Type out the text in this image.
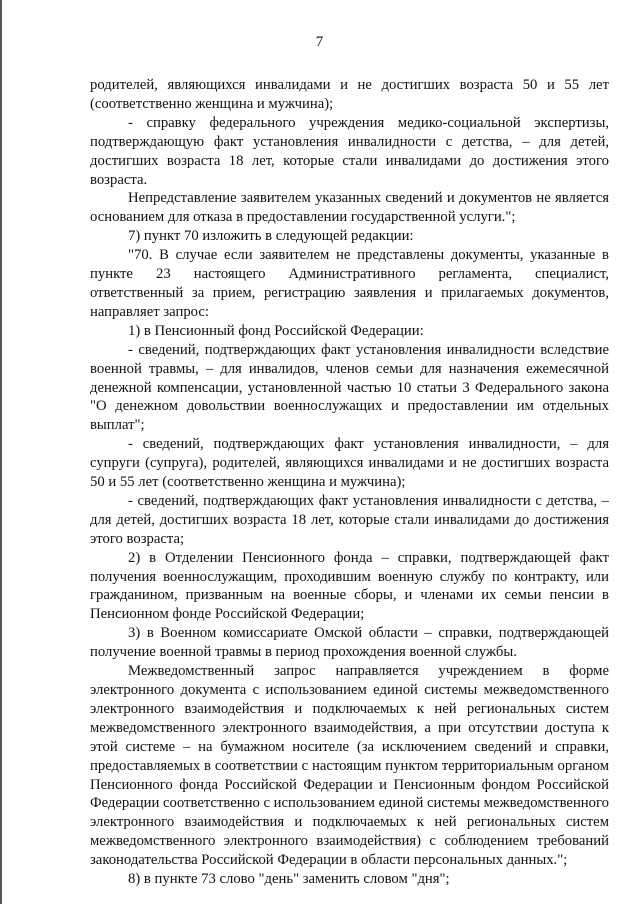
7

родителей, являющихся инвалидами и не достигших возраста 50 и 55 лет (соответственно женщина и мужчина);

- справку федерального учреждения медико-социальной экспертизы, подтверждающую факт установления инвалидности с детства, – для детей, достигших возраста 18 лет, которые стали инвалидами до достижения этого возраста.

Непредставление заявителем указанных сведений и документов не является основанием для отказа в предоставлении государственной услуги.";

7) пункт 70 изложить в следующей редакции:

"70. В случае если заявителем не представлены документы, указанные в пункте 23 настоящего Административного регламента, специалист, ответственный за прием, регистрацию заявления и прилагаемых документов, направляет запрос:

1) в Пенсионный фонд Российской Федерации:

- сведений, подтверждающих факт установления инвалидности вследствие военной травмы, – для инвалидов, членов семьи для назначения ежемесячной денежной компенсации, установленной частью 10 статьи 3 Федерального закона "О денежном довольствии военнослужащих и предоставлении им отдельных выплат";

- сведений, подтверждающих факт установления инвалидности, – для супруги (супруга), родителей, являющихся инвалидами и не достигших возраста 50 и 55 лет (соответственно женщина и мужчина);

- сведений, подтверждающих факт установления инвалидности с детства, – для детей, достигших возраста 18 лет, которые стали инвалидами до достижения этого возраста;

2) в Отделении Пенсионного фонда – справки, подтверждающей факт получения военнослужащим, проходившим военную службу по контракту, или гражданином, призванным на военные сборы, и членами их семьи пенсии в Пенсионном фонде Российской Федерации;

3) в Военном комиссариате Омской области – справки, подтверждающей получение военной травмы в период прохождения военной службы.

Межведомственный запрос направляется учреждением в форме электронного документа с использованием единой системы межведомственного электронного взаимодействия и подключаемых к ней региональных систем межведомственного электронного взаимодействия, а при отсутствии доступа к этой системе – на бумажном носителе (за исключением сведений и справки, предоставляемых в соответствии с настоящим пунктом территориальным органом Пенсионного фонда Российской Федерации и Пенсионным фондом Российской Федерации соответственно с использованием единой системы межведомственного электронного взаимодействия и подключаемых к ней региональных систем межведомственного электронного взаимодействия) с соблюдением требований законодательства Российской Федерации в области персональных данных.";

8) в пункте 73 слово "день" заменить словом "дня";
